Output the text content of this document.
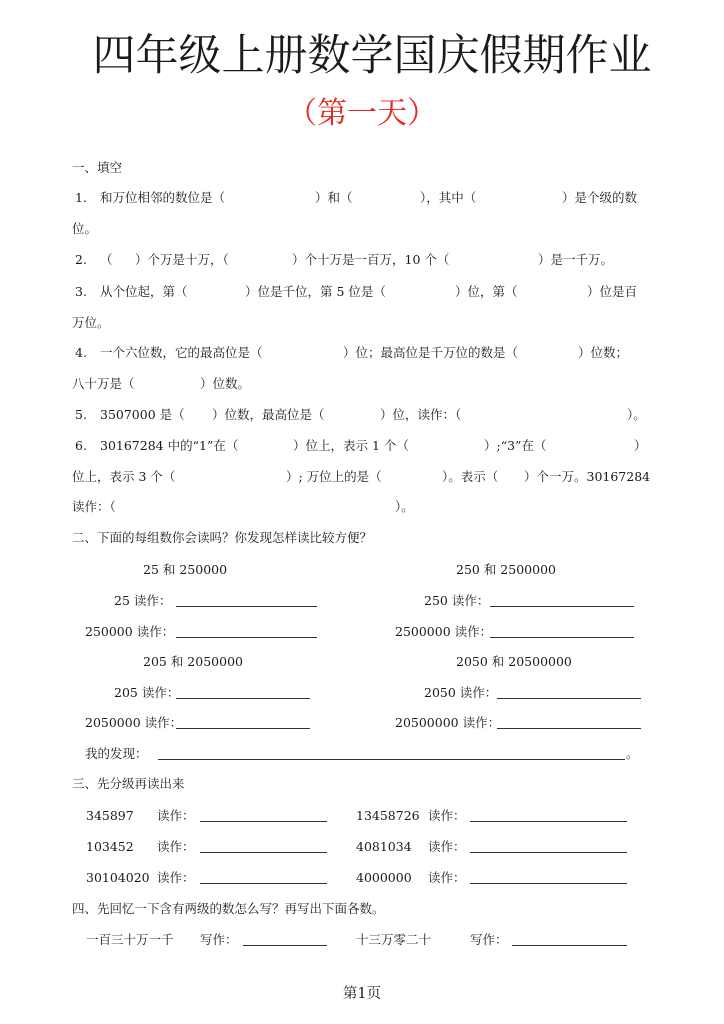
四年级上册数学国庆假期作业
（第一天）
一、填空
1. 和万位相邻的数位是（	）和（	），其中（	）是个级的数
位。
2. （ ）个万是十万，（	）个十万是一百万，10 个（	）是一千万。
3. 从个位起，第（	）位是千位，第 5 位是（	）位，第（	）位是百
万位。
4. 一个六位数，它的最高位是（	）位；最高位是千万位的数是（	）位数；
八十万是（	）位数。
5. 3507000 是（ ）位数，最高位是（	）位，读作：（	）。
6. 30167284 中的“1”在（	）位上，表示 1 个（	）;“3”在（	）
位上，表示 3 个（	）; 万位上的是（	）。表示（ ）个一万。30167284
读作：（	）。
二、下面的每组数你会读吗？你发现怎样读比较方便？
25 和 250000	250 和 2500000
25 读作：	250 读作：
250000 读作：	2500000 读作：
205 和 2050000	2050 和 20500000
205 读作：	2050 读作：
2050000 读作：	20500000 读作：
我的发现：	。
三、先分级再读出来
345897 读作：	13458726 读作：
103452 读作：	4081034 读作：
30104020 读作：	4000000 读作：
四、先回忆一下含有两级的数怎么写？再写出下面各数。
一百三十万一千 写作：	十三万零二十	写作：
第1页
